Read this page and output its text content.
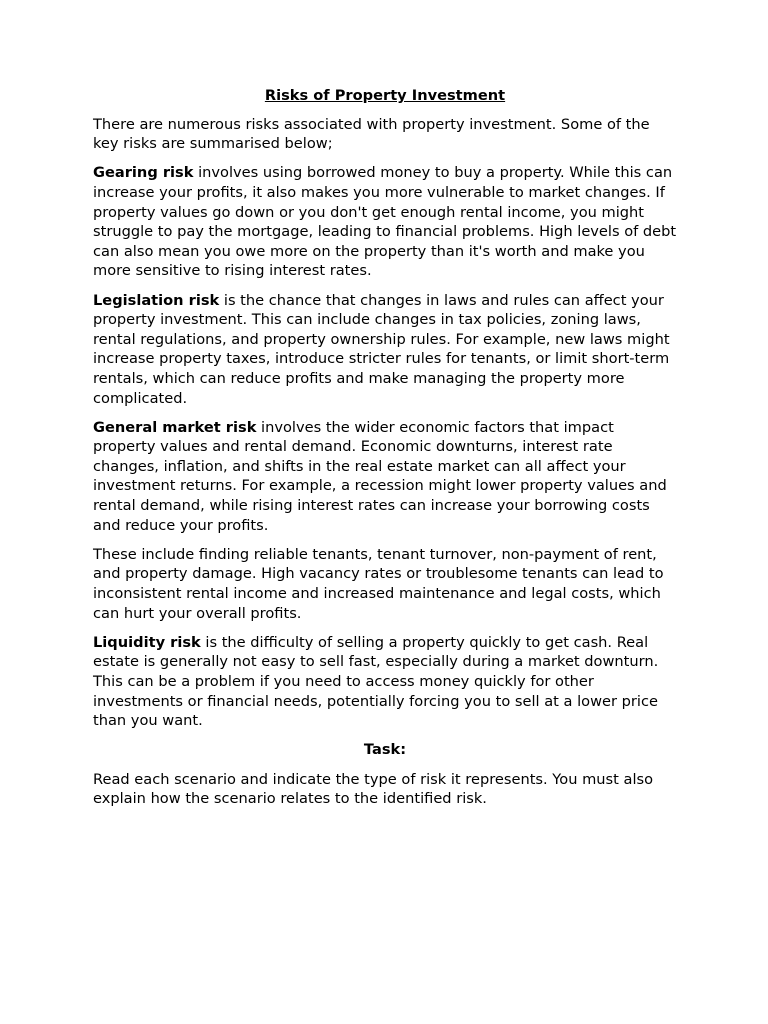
Risks of Property Investment

There are numerous risks associated with property investment. Some of the key risks are summarised below;

Gearing risk involves using borrowed money to buy a property. While this can increase your profits, it also makes you more vulnerable to market changes. If property values go down or you don't get enough rental income, you might struggle to pay the mortgage, leading to financial problems. High levels of debt can also mean you owe more on the property than it's worth and make you more sensitive to rising interest rates.

Legislation risk is the chance that changes in laws and rules can affect your property investment. This can include changes in tax policies, zoning laws, rental regulations, and property ownership rules. For example, new laws might increase property taxes, introduce stricter rules for tenants, or limit short-term rentals, which can reduce profits and make managing the property more complicated.

General market risk involves the wider economic factors that impact property values and rental demand. Economic downturns, interest rate changes, inflation, and shifts in the real estate market can all affect your investment returns. For example, a recession might lower property values and rental demand, while rising interest rates can increase your borrowing costs and reduce your profits.

These include finding reliable tenants, tenant turnover, non-payment of rent, and property damage. High vacancy rates or troublesome tenants can lead to inconsistent rental income and increased maintenance and legal costs, which can hurt your overall profits.

Liquidity risk is the difficulty of selling a property quickly to get cash. Real estate is generally not easy to sell fast, especially during a market downturn. This can be a problem if you need to access money quickly for other investments or financial needs, potentially forcing you to sell at a lower price than you want.

Task:

Read each scenario and indicate the type of risk it represents. You must also explain how the scenario relates to the identified risk.
